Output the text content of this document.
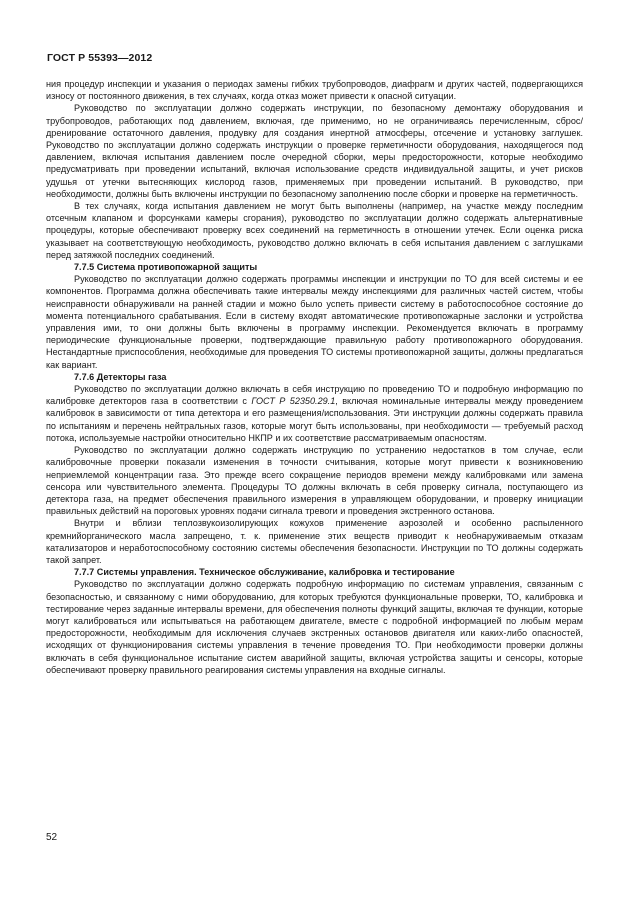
ГОСТ Р 55393—2012

ния процедур инспекции и указания о периодах замены гибких трубопроводов, диафрагм и других частей, подвергающихся износу от постоянного движения, в тех случаях, когда отказ может привести к опасной ситуации.

Руководство по эксплуатации должно содержать инструкции, по безопасному демонтажу оборудования и трубопроводов, работающих под давлением, включая, где применимо, но не ограничиваясь перечисленным, сброс/дренирование остаточного давления, продувку для создания инертной атмосферы, отсечение и установку заглушек. Руководство по эксплуатации должно содержать инструкции о проверке герметичности оборудования, находящегося под давлением, включая испытания давлением после очередной сборки, меры предосторожности, которые необходимо предусматривать при проведении испытаний, включая использование средств индивидуальной защиты, и учет рисков удушья от утечки вытесняющих кислород газов, применяемых при проведении испытаний. В руководство, при необходимости, должны быть включены инструкции по безопасному заполнению после сборки и проверке на герметичность.

В тех случаях, когда испытания давлением не могут быть выполнены (например, на участке между последним отсечным клапаном и форсунками камеры сгорания), руководство по эксплуатации должно содержать альтернативные процедуры, которые обеспечивают проверку всех соединений на герметичность в отношении утечек. Если оценка риска указывает на соответствующую необходимость, руководство должно включать в себя испытания давлением с заглушками перед затяжкой последних соединений.

7.7.5 Система противопожарной защиты

Руководство по эксплуатации должно содержать программы инспекции и инструкции по ТО для всей системы и ее компонентов. Программа должна обеспечивать такие интервалы между инспекциями для различных частей систем, чтобы неисправности обнаруживали на ранней стадии и можно было успеть привести систему в работоспособное состояние до момента потенциального срабатывания. Если в систему входят автоматические противопожарные заслонки и устройства управления ими, то они должны быть включены в программу инспекции. Рекомендуется включать в программу периодические функциональные проверки, подтверждающие правильную работу противопожарного оборудования. Нестандартные приспособления, необходимые для проведения ТО системы противопожарной защиты, должны предлагаться как вариант.

7.7.6 Детекторы газа

Руководство по эксплуатации должно включать в себя инструкцию по проведению ТО и подробную информацию по калибровке детекторов газа в соответствии с ГОСТ Р 52350.29.1, включая номинальные интервалы между проведением калибровок в зависимости от типа детектора и его размещения/использования. Эти инструкции должны содержать правила по испытаниям и перечень нейтральных газов, которые могут быть использованы, при необходимости — требуемый расход потока, используемые настройки относительно НКПР и их соответствие рассматриваемым опасностям.

Руководство по эксплуатации должно содержать инструкцию по устранению недостатков в том случае, если калибровочные проверки показали изменения в точности считывания, которые могут привести к возникновению неприемлемой концентрации газа. Это прежде всего сокращение периодов времени между калибровками или замена сенсора или чувствительного элемента. Процедуры ТО должны включать в себя проверку сигнала, поступающего из детектора газа, на предмет обеспечения правильного измерения в управляющем оборудовании, и проверку инициации правильных действий на пороговых уровнях подачи сигнала тревоги и проведения экстренного останова.

Внутри и вблизи теплозвукоизолирующих кожухов применение аэрозолей и особенно распыленного кремнийорганического масла запрещено, т. к. применение этих веществ приводит к необнаруживаемым отказам катализаторов и неработоспособному состоянию системы обеспечения безопасности. Инструкции по ТО должны содержать такой запрет.

7.7.7 Системы управления. Техническое обслуживание, калибровка и тестирование

Руководство по эксплуатации должно содержать подробную информацию по системам управления, связанным с безопасностью, и связанному с ними оборудованию, для которых требуются функциональные проверки, ТО, калибровка и тестирование через заданные интервалы времени, для обеспечения полноты функций защиты, включая те функции, которые могут калиброваться или испытываться на работающем двигателе, вместе с подробной информацией по любым мерам предосторожности, необходимым для исключения случаев экстренных остановов двигателя или каких-либо опасностей, исходящих от функционирования системы управления в течение проведения ТО. При необходимости проверки должны включать в себя функциональное испытание систем аварийной защиты, включая устройства защиты и сенсоры, которые обеспечивают проверку правильного реагирования системы управления на входные сигналы.

52
